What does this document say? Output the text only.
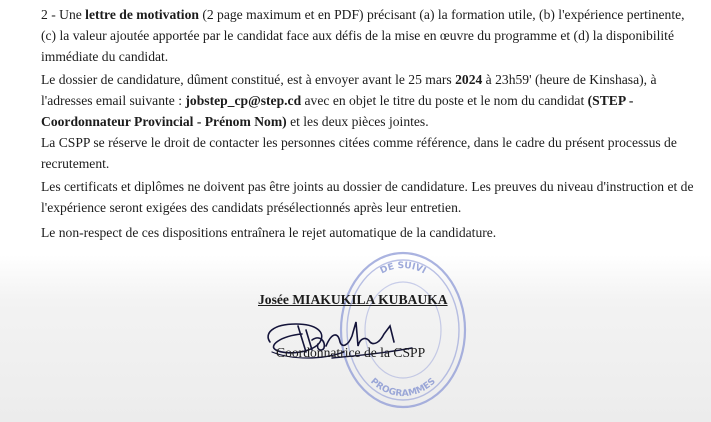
2 - Une lettre de motivation (2 page maximum et en PDF) précisant (a) la formation utile, (b) l'expérience pertinente, (c) la valeur ajoutée apportée par le candidat face aux défis de la mise en œuvre du programme et (d) la disponibilité immédiate du candidat.

Le dossier de candidature, dûment constitué, est à envoyer avant le 25 mars 2024 à 23h59' (heure de Kinshasa), à l'adresses email suivante : jobstep_cp@step.cd avec en objet le titre du poste et le nom du candidat (STEP - Coordonnateur Provincial - Prénom Nom) et les deux pièces jointes.

La CSPP se réserve le droit de contacter les personnes citées comme référence, dans le cadre du présent processus de recrutement.

Les certificats et diplômes ne doivent pas être joints au dossier de candidature. Les preuves du niveau d'instruction et de l'expérience seront exigées des candidats présélectionnés après leur entretien.

Le non-respect de ces dispositions entraînera le rejet automatique de la candidature.

DE SUIVI
PROGRAMMES
Josée MIAKUKILA KUBAUKA
Coordonnatrice de la CSPP
